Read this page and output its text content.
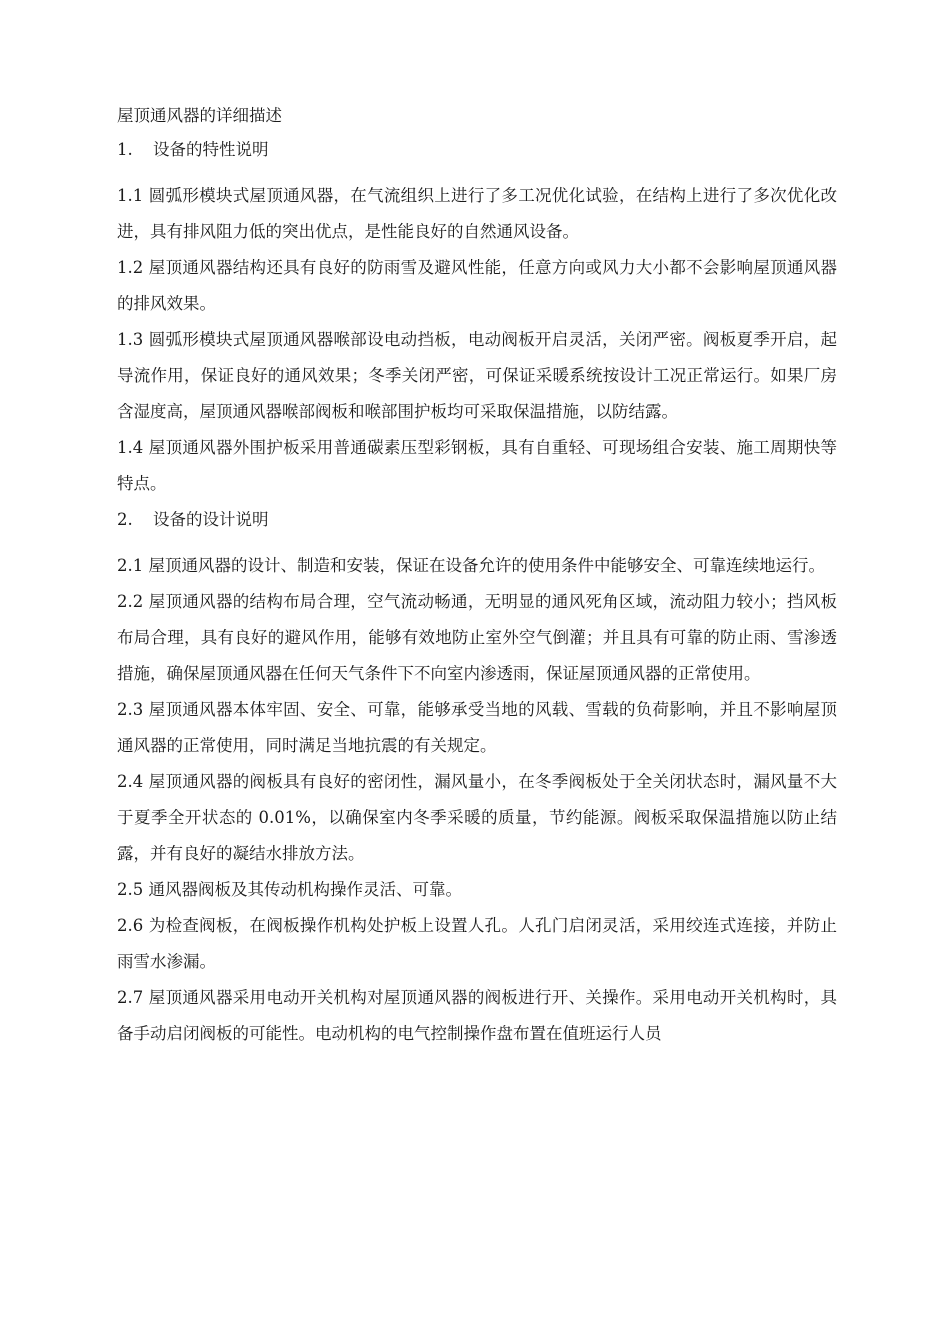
屋顶通风器的详细描述
1. 设备的特性说明

1.1 圆弧形模块式屋顶通风器，在气流组织上进行了多工况优化试验，在结构上进行了多次优化改进，具有排风阻力低的突出优点，是性能良好的自然通风设备。

1.2 屋顶通风器结构还具有良好的防雨雪及避风性能，任意方向或风力大小都不会影响屋顶通风器的排风效果。

1.3 圆弧形模块式屋顶通风器喉部设电动挡板，电动阀板开启灵活，关闭严密。阀板夏季开启，起导流作用，保证良好的通风效果；冬季关闭严密，可保证采暖系统按设计工况正常运行。如果厂房含湿度高，屋顶通风器喉部阀板和喉部围护板均可采取保温措施，以防结露。

1.4 屋顶通风器外围护板采用普通碳素压型彩钢板，具有自重轻、可现场组合安装、施工周期快等特点。

2. 设备的设计说明

2.1 屋顶通风器的设计、制造和安装，保证在设备允许的使用条件中能够安全、可靠连续地运行。

2.2 屋顶通风器的结构布局合理，空气流动畅通，无明显的通风死角区域，流动阻力较小；挡风板布局合理，具有良好的避风作用，能够有效地防止室外空气倒灌；并且具有可靠的防止雨、雪渗透措施，确保屋顶通风器在任何天气条件下不向室内渗透雨，保证屋顶通风器的正常使用。

2.3 屋顶通风器本体牢固、安全、可靠，能够承受当地的风载、雪载的负荷影响，并且不影响屋顶通风器的正常使用，同时满足当地抗震的有关规定。

2.4 屋顶通风器的阀板具有良好的密闭性，漏风量小，在冬季阀板处于全关闭状态时，漏风量不大于夏季全开状态的 0.01%，以确保室内冬季采暖的质量，节约能源。阀板采取保温措施以防止结露，并有良好的凝结水排放方法。

2.5 通风器阀板及其传动机构操作灵活、可靠。

2.6 为检查阀板，在阀板操作机构处护板上设置人孔。人孔门启闭灵活，采用绞连式连接，并防止雨雪水渗漏。

2.7 屋顶通风器采用电动开关机构对屋顶通风器的阀板进行开、关操作。采用电动开关机构时，具备手动启闭阀板的可能性。电动机构的电气控制操作盘布置在值班运行人员
